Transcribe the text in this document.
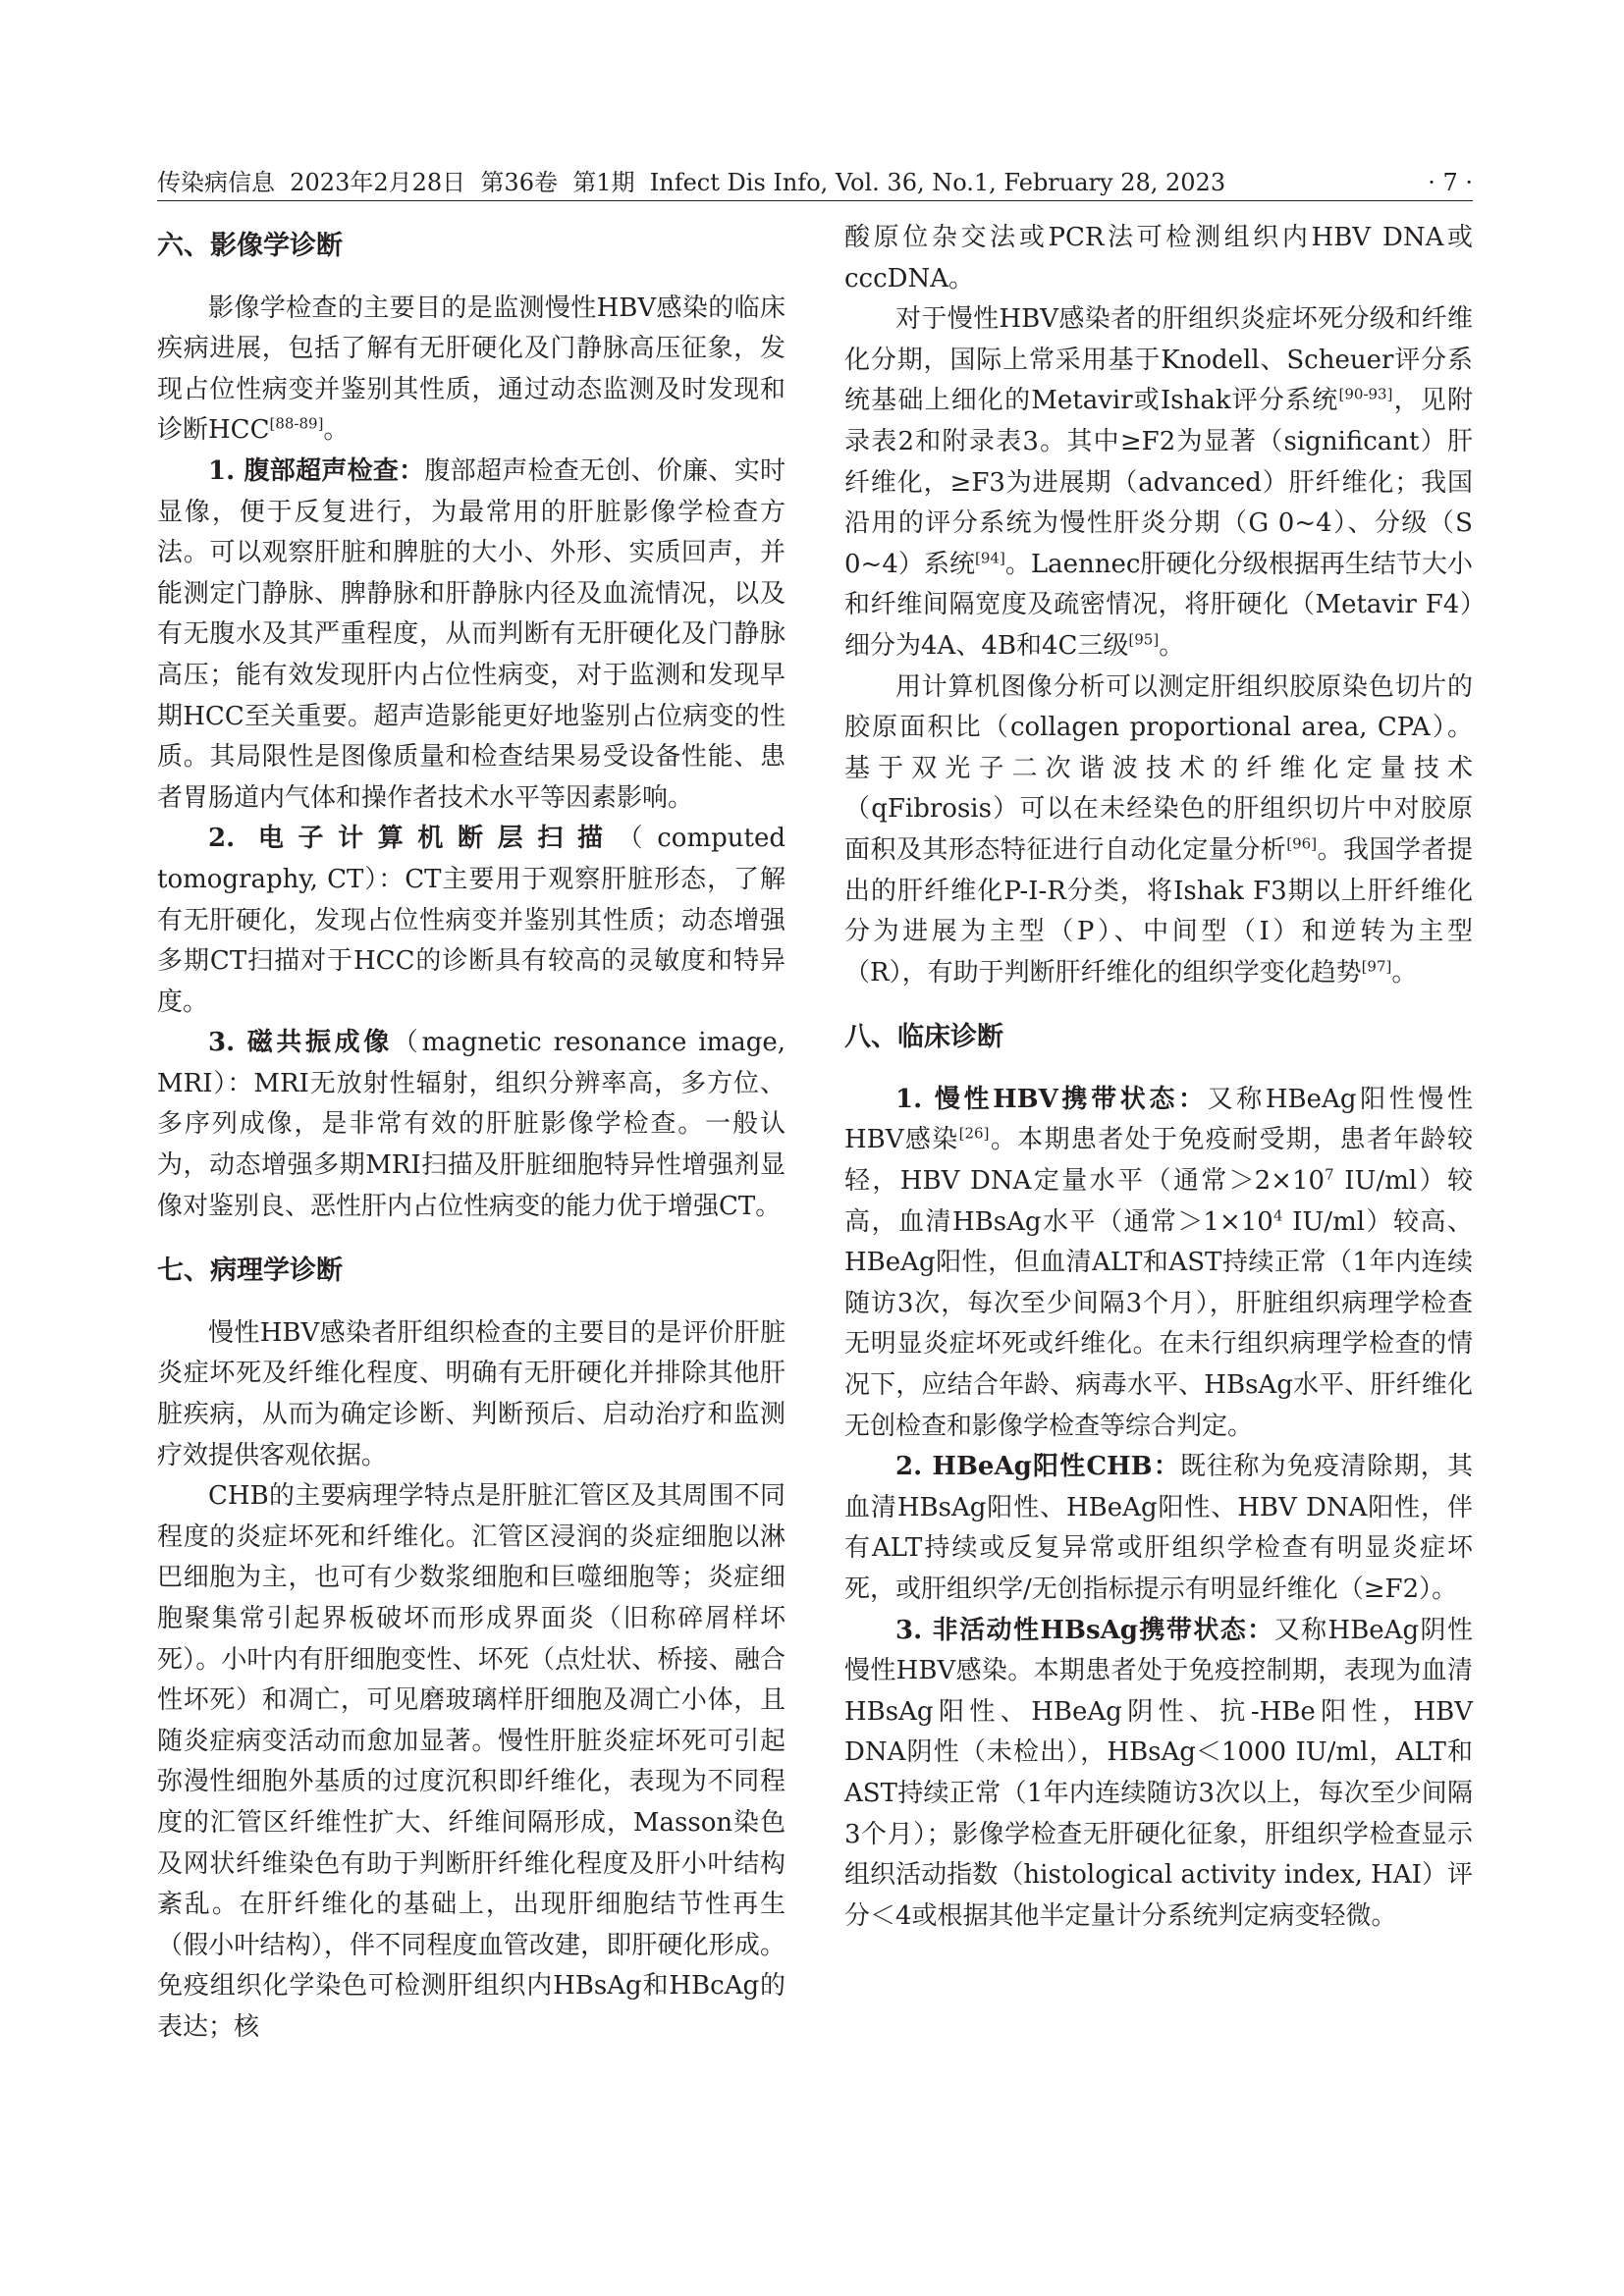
传染病信息 2023年2月28日 第36卷 第1期 Infect Dis Info, Vol. 36, No.1, February 28, 2023	· 7 ·
六、影像学诊断

影像学检查的主要目的是监测慢性HBV感染的临床疾病进展，包括了解有无肝硬化及门静脉高压征象，发现占位性病变并鉴别其性质，通过动态监测及时发现和诊断HCC[88-89]。

1. 腹部超声检查：腹部超声检查无创、价廉、实时显像，便于反复进行，为最常用的肝脏影像学检查方法。可以观察肝脏和脾脏的大小、外形、实质回声，并能测定门静脉、脾静脉和肝静脉内径及血流情况，以及有无腹水及其严重程度，从而判断有无肝硬化及门静脉高压；能有效发现肝内占位性病变，对于监测和发现早期HCC至关重要。超声造影能更好地鉴别占位病变的性质。其局限性是图像质量和检查结果易受设备性能、患者胃肠道内气体和操作者技术水平等因素影响。

2. 电子计算机断层扫描（computed tomography, CT）：CT主要用于观察肝脏形态，了解有无肝硬化，发现占位性病变并鉴别其性质；动态增强多期CT扫描对于HCC的诊断具有较高的灵敏度和特异度。

3. 磁共振成像（magnetic resonance image, MRI）：MRI无放射性辐射，组织分辨率高，多方位、多序列成像，是非常有效的肝脏影像学检查。一般认为，动态增强多期MRI扫描及肝脏细胞特异性增强剂显像对鉴别良、恶性肝内占位性病变的能力优于增强CT。

七、病理学诊断

慢性HBV感染者肝组织检查的主要目的是评价肝脏炎症坏死及纤维化程度、明确有无肝硬化并排除其他肝脏疾病，从而为确定诊断、判断预后、启动治疗和监测疗效提供客观依据。

CHB的主要病理学特点是肝脏汇管区及其周围不同程度的炎症坏死和纤维化。汇管区浸润的炎症细胞以淋巴细胞为主，也可有少数浆细胞和巨噬细胞等；炎症细胞聚集常引起界板破坏而形成界面炎（旧称碎屑样坏死）。小叶内有肝细胞变性、坏死（点灶状、桥接、融合性坏死）和凋亡，可见磨玻璃样肝细胞及凋亡小体，且随炎症病变活动而愈加显著。慢性肝脏炎症坏死可引起弥漫性细胞外基质的过度沉积即纤维化，表现为不同程度的汇管区纤维性扩大、纤维间隔形成，Masson染色及网状纤维染色有助于判断肝纤维化程度及肝小叶结构紊乱。在肝纤维化的基础上，出现肝细胞结节性再生（假小叶结构），伴不同程度血管改建，即肝硬化形成。免疫组织化学染色可检测肝组织内HBsAg和HBcAg的表达；核

酸原位杂交法或PCR法可检测组织内HBV DNA或cccDNA。

对于慢性HBV感染者的肝组织炎症坏死分级和纤维化分期，国际上常采用基于Knodell、Scheuer评分系统基础上细化的Metavir或Ishak评分系统[90-93]，见附录表2和附录表3。其中≥F2为显著（significant）肝纤维化，≥F3为进展期（advanced）肝纤维化；我国沿用的评分系统为慢性肝炎分期（G 0~4）、分级（S 0~4）系统[94]。Laennec肝硬化分级根据再生结节大小和纤维间隔宽度及疏密情况，将肝硬化（Metavir F4）细分为4A、4B和4C三级[95]。

用计算机图像分析可以测定肝组织胶原染色切片的胶原面积比（collagen proportional area, CPA）。基于双光子二次谐波技术的纤维化定量技术（qFibrosis）可以在未经染色的肝组织切片中对胶原面积及其形态特征进行自动化定量分析[96]。我国学者提出的肝纤维化P-I-R分类，将Ishak F3期以上肝纤维化分为进展为主型（P）、中间型（I）和逆转为主型（R），有助于判断肝纤维化的组织学变化趋势[97]。

八、临床诊断

1. 慢性HBV携带状态：又称HBeAg阳性慢性HBV感染[26]。本期患者处于免疫耐受期，患者年龄较轻，HBV DNA定量水平（通常$>2\times 10^7$ IU/ml）较高，血清HBsAg水平（通常$>1\times 10^4$ IU/ml）较高、HBeAg阳性，但血清ALT和AST持续正常（1年内连续随访3次，每次至少间隔3个月），肝脏组织病理学检查无明显炎症坏死或纤维化。在未行组织病理学检查的情况下，应结合年龄、病毒水平、HBsAg水平、肝纤维化无创检查和影像学检查等综合判定。

2. HBeAg阳性CHB：既往称为免疫清除期，其血清HBsAg阳性、HBeAg阳性、HBV DNA阳性，伴有ALT持续或反复异常或肝组织学检查有明显炎症坏死，或肝组织学/无创指标提示有明显纤维化（≥F2）。

3. 非活动性HBsAg携带状态：又称HBeAg阴性慢性HBV感染。本期患者处于免疫控制期，表现为血清HBsAg阳性、HBeAg阴性、抗-HBe阳性，HBV DNA阴性（未检出），HBsAg＜1000 IU/ml，ALT和AST持续正常（1年内连续随访3次以上，每次至少间隔3个月）；影像学检查无肝硬化征象，肝组织学检查显示组织活动指数（histological activity index, HAI）评分＜4或根据其他半定量计分系统判定病变轻微。
